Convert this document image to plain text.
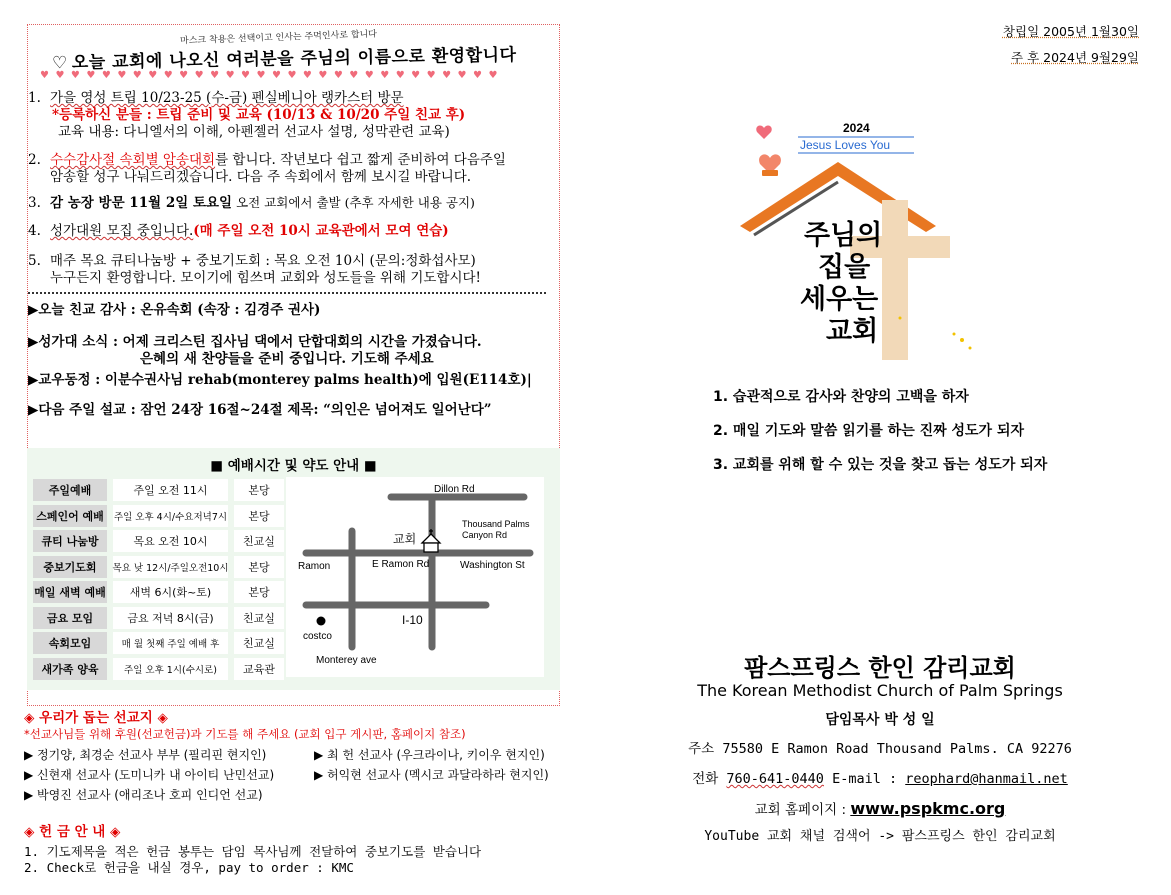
마스크 착용은 선택이고 인사는 주먹인사로 합니다
♡ 오늘 교회에 나오신 여러분을 주님의 이름으로 환영합니다
♥♥♥♥♥♥♥♥♥♥♥♥♥♥♥♥♥♥♥♥♥♥♥♥♥♥♥♥♥♥
1. 가을 영성 트립 10/23-25 (수-금) 펜실베니아 랭카스터 방문
*등록하신 분들 : 트립 준비 및 교육 (10/13 & 10/20 주일 친교 후)
교육 내용: 다니엘서의 이해, 아펜젤러 선교사 설명, 성막관련 교육)
2. 수수감사절 속회별 암송대회를 합니다. 작년보다 쉽고 짧게 준비하여 다음주일
암송할 성구 나눠드리겠습니다. 다음 주 속회에서 함께 보시길 바랍니다.
3. 감 농장 방문 11월 2일 토요일 오전 교회에서 출발 (추후 자세한 내용 공지)
4. 성가대원 모집 중입니다.(매 주일 오전 10시 교육관에서 모여 연습)
5. 매주 목요 큐티나눔방 + 중보기도회 : 목요 오전 10시 (문의:정화섭사모)
누구든지 환영합니다. 모이기에 힘쓰며 교회와 성도들을 위해 기도합시다!
▶오늘 친교 감사 : 온유속회 (속장 : 김경주 권사)
▶성가대 소식 : 어제 크리스틴 집사님 댁에서 단합대회의 시간을 가졌습니다.
은혜의 새 찬양들을 준비 중입니다. 기도해 주세요
▶교우동정 : 이분수권사님 rehab(monterey palms health)에 입원(E114호)|
▶다음 주일 설교 : 잠언 24장 16절~24절 제목: “의인은 넘어져도 일어난다”
■ 예배시간 및 약도 안내 ■
주일예배	주일 오전 11시	본당
스페인어 예배	주일 오후 4시/수요저녁7시	본당
큐티 나눔방	목요 오전 10시	친교실
중보기도회	목요 낮 12시/주일오전10시	본당
매일 새벽 예배	새벽 6시(화~토)	본당
금요 모임	금요 저녁 8시(금)	친교실
속회모임	매 월 첫째 주일 예배 후	친교실
새가족 양육	주일 오후 1시(수시로)	교육관
Dillon Rd
Thousand Palms
Canyon Rd
교회
Ramon	E Ramon Rd	Washington St
I-10
costco
Monterey ave
◈ 우리가 돕는 선교지 ◈
*선교사님들 위해 후원(선교헌금)과 기도를 해 주세요 (교회 입구 게시판, 홈페이지 참조)
▶ 정기양, 최경순 선교사 부부 (필리핀 현지인)	▶ 최 헌 선교사 (우크라이나, 키이우 현지인)
▶ 신현재 선교사 (도미니카 내 아이티 난민선교)	▶ 허익현 선교사 (멕시코 과달라하라 현지인)
▶ 박영진 선교사 (애리조나 호피 인디언 선교)
◈ 헌 금 안 내 ◈
1. 기도제목을 적은 헌금 봉투는 담임 목사님께 전달하여 중보기도를 받습니다
2. Check로 헌금을 내실 경우, pay to order : KMC
창립일 2005년 1월30일
주 후 2024년 9월29일
2024
Jesus Loves You
주님의
집을
세우는
교회
1. 습관적으로 감사와 찬양의 고백을 하자
2. 매일 기도와 말씀 읽기를 하는 진짜 성도가 되자
3. 교회를 위해 할 수 있는 것을 찾고 돕는 성도가 되자
팜스프링스 한인 감리교회
The Korean Methodist Church of Palm Springs
담임목사 박 성 일
주소 75580 E Ramon Road Thousand Palms. CA 92276
전화 760-641-0440 E-mail : reophard@hanmail.net
교회 홈페이지 : www.pspkmc.org
YouTube 교회 채널 검색어 -> 팜스프링스 한인 감리교회
